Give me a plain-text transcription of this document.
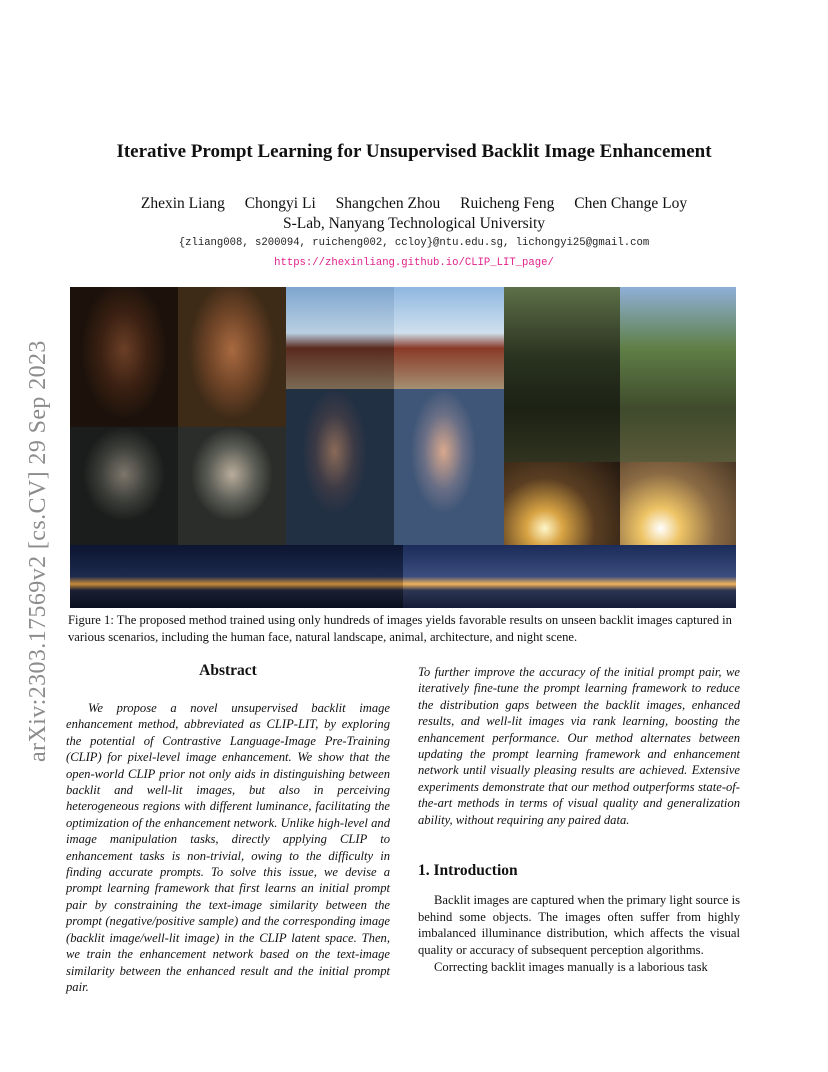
arXiv:2303.17569v2 [cs.CV] 29 Sep 2023
Iterative Prompt Learning for Unsupervised Backlit Image Enhancement
Zhexin Liang Chongyi Li Shangchen Zhou Ruicheng Feng Chen Change Loy
S-Lab, Nanyang Technological University
{zliang008, s200094, ruicheng002, ccloy}@ntu.edu.sg, lichongyi25@gmail.com
https://zhexinliang.github.io/CLIP_LIT_page/
Figure 1: The proposed method trained using only hundreds of images yields favorable results on unseen backlit images captured in various scenarios, including the human face, natural landscape, animal, architecture, and night scene.
Abstract
We propose a novel unsupervised backlit image enhancement method, abbreviated as CLIP-LIT, by exploring the potential of Contrastive Language-Image Pre-Training (CLIP) for pixel-level image enhancement. We show that the open-world CLIP prior not only aids in distinguishing between backlit and well-lit images, but also in perceiving heterogeneous regions with different luminance, facilitating the optimization of the enhancement network. Unlike high-level and image manipulation tasks, directly applying CLIP to enhancement tasks is non-trivial, owing to the difficulty in finding accurate prompts. To solve this issue, we devise a prompt learning framework that first learns an initial prompt pair by constraining the text-image similarity between the prompt (negative/positive sample) and the corresponding image (backlit image/well-lit image) in the CLIP latent space. Then, we train the enhancement network based on the text-image similarity between the enhanced result and the initial prompt pair.
To further improve the accuracy of the initial prompt pair, we iteratively fine-tune the prompt learning framework to reduce the distribution gaps between the backlit images, enhanced results, and well-lit images via rank learning, boosting the enhancement performance. Our method alternates between updating the prompt learning framework and enhancement network until visually pleasing results are achieved. Extensive experiments demonstrate that our method outperforms state-of-the-art methods in terms of visual quality and generalization ability, without requiring any paired data.
1. Introduction
Backlit images are captured when the primary light source is behind some objects. The images often suffer from highly imbalanced illuminance distribution, which affects the visual quality or accuracy of subsequent perception algorithms.
Correcting backlit images manually is a laborious task
